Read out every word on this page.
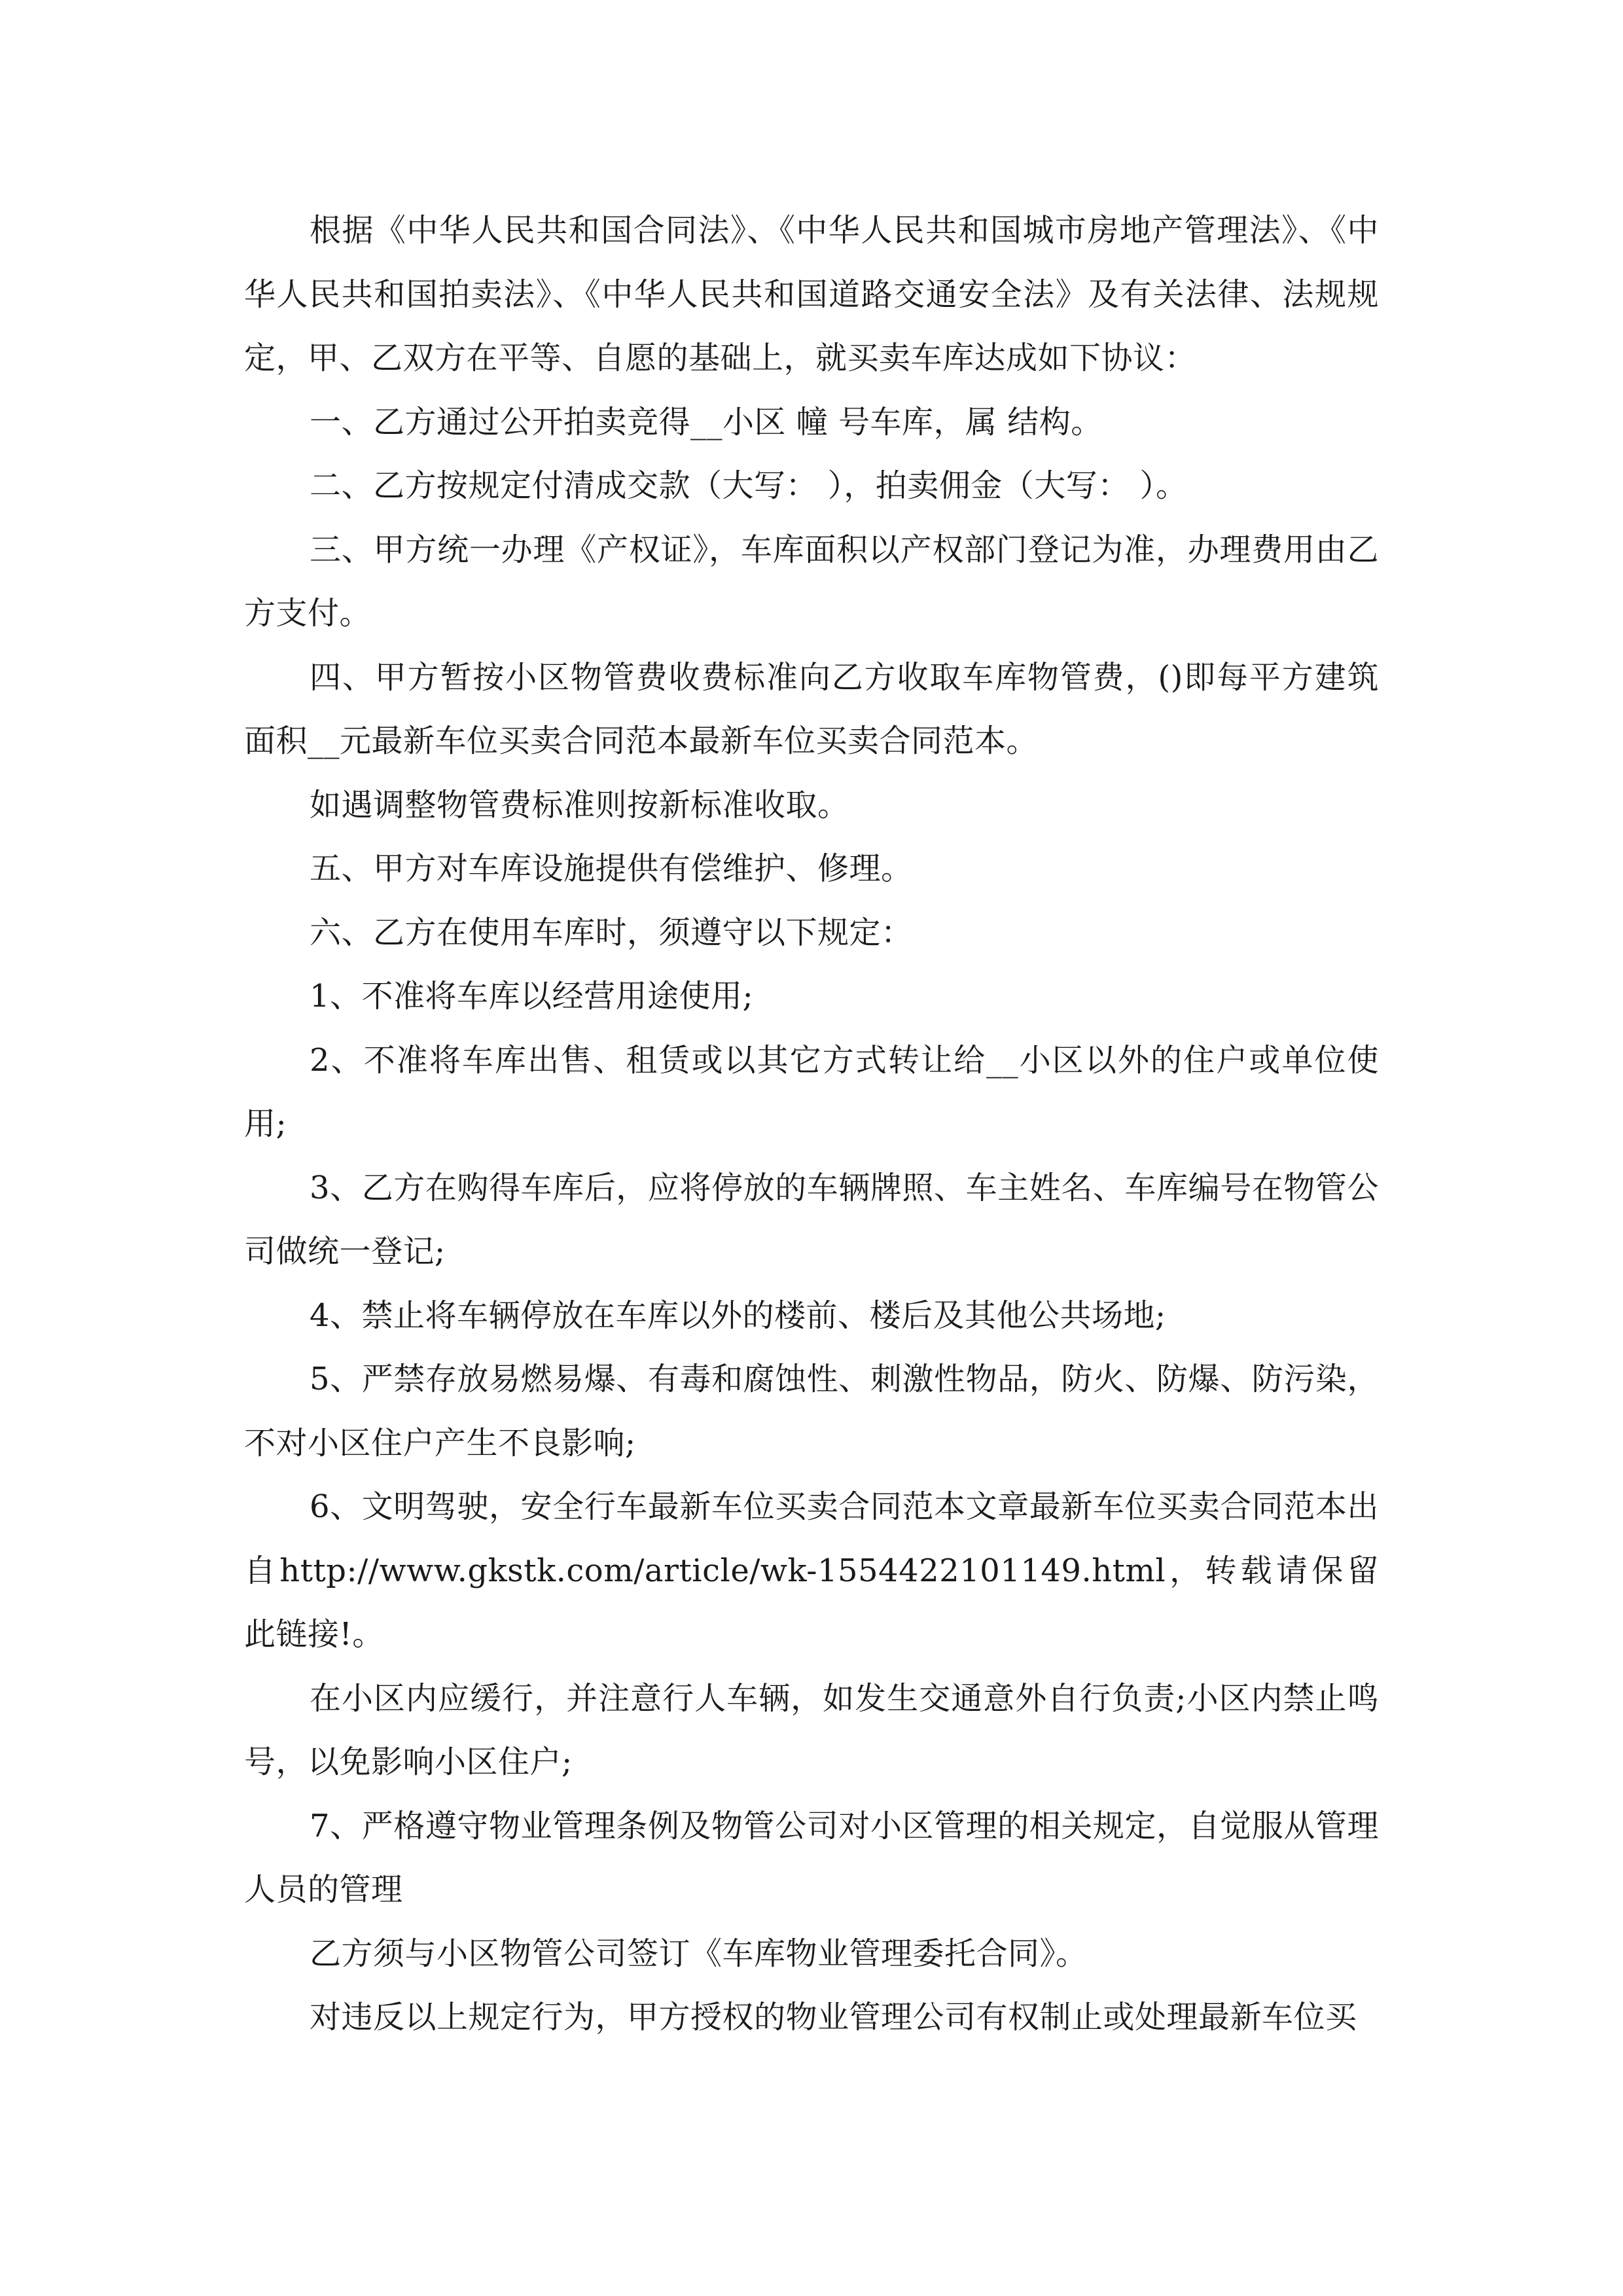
根据《中华人民共和国合同法》、《中华人民共和国城市房地产管理法》、《中华人民共和国拍卖法》、《中华人民共和国道路交通安全法》及有关法律、法规规定，甲、乙双方在平等、自愿的基础上，就买卖车库达成如下协议：

一、乙方通过公开拍卖竞得__小区 幢 号车库，属 结构。

二、乙方按规定付清成交款（大写： ），拍卖佣金（大写： ）。

三、甲方统一办理《产权证》，车库面积以产权部门登记为准，办理费用由乙方支付。

四、甲方暂按小区物管费收费标准向乙方收取车库物管费，()即每平方建筑面积__元最新车位买卖合同范本最新车位买卖合同范本。

如遇调整物管费标准则按新标准收取。

五、甲方对车库设施提供有偿维护、修理。

六、乙方在使用车库时，须遵守以下规定：

1、不准将车库以经营用途使用;

2、不准将车库出售、租赁或以其它方式转让给__小区以外的住户或单位使用;

3、乙方在购得车库后，应将停放的车辆牌照、车主姓名、车库编号在物管公司做统一登记;

4、禁止将车辆停放在车库以外的楼前、楼后及其他公共场地;

5、严禁存放易燃易爆、有毒和腐蚀性、刺激性物品，防火、防爆、防污染，不对小区住户产生不良影响;

6、文明驾驶，安全行车最新车位买卖合同范本文章最新车位买卖合同范本出自http://www.gkstk.com/article/wk-1554422101149.html，转载请保留此链接!。

在小区内应缓行，并注意行人车辆，如发生交通意外自行负责;小区内禁止鸣号，以免影响小区住户;

7、严格遵守物业管理条例及物管公司对小区管理的相关规定，自觉服从管理人员的管理

乙方须与小区物管公司签订《车库物业管理委托合同》。

对违反以上规定行为，甲方授权的物业管理公司有权制止或处理最新车位买
